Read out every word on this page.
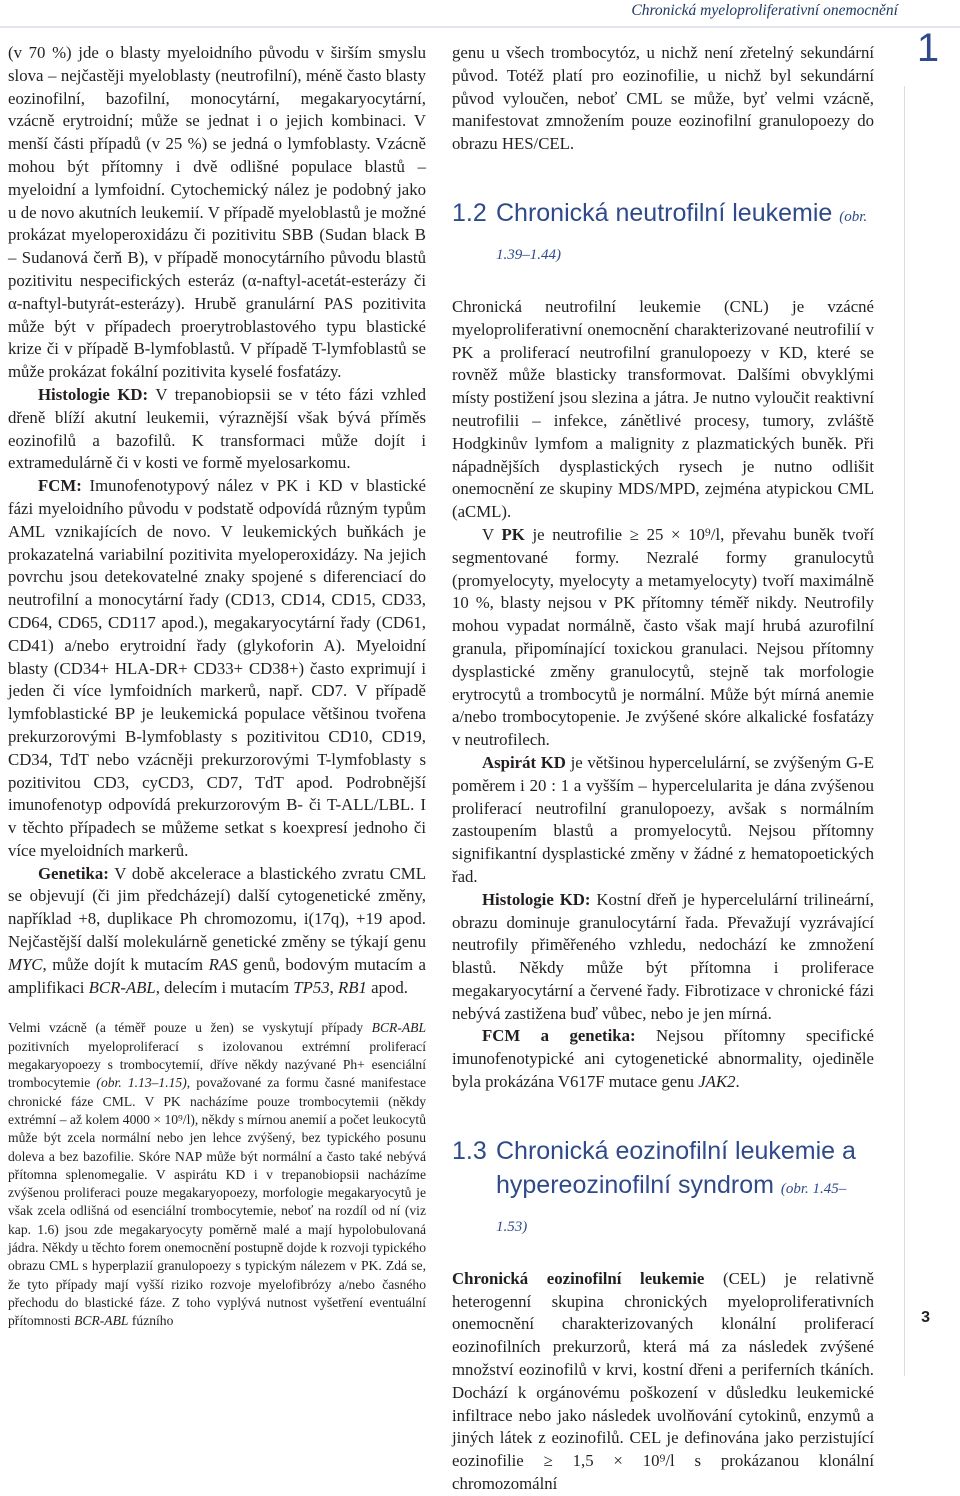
Chronická myeloproliferativní onemocnění
1

(v 70 %) jde o blasty myeloidního původu v širším smyslu slova – nejčastěji myeloblasty (neutrofilní), méně často blasty eozinofilní, bazofilní, monocytární, megakaryocytární, vzácně erytroidní; může se jednat i o jejich kombinaci. V menší části případů (v 25 %) se jedná o lymfoblasty. Vzácně mohou být přítomny i dvě odlišné populace blastů – myeloidní a lymfoidní. Cytochemický nález je podobný jako u de novo akutních leukemií. V případě myeloblastů je možné prokázat myeloperoxidázu či pozitivitu SBB (Sudan black B – Sudanová čerň B), v případě monocytárního původu blastů pozitivitu nespecifických esteráz (α-naftyl-acetát-esterázy či α-naftyl-butyrát-esterázy). Hrubě granulární PAS pozitivita může být v případech proerytroblastového typu blastické krize či v případě B-lymfoblastů. V případě T-lymfoblastů se může prokázat fokální pozitivita kyselé fosfatázy.

Histologie KD: V trepanobiopsii se v této fázi vzhled dřeně blíží akutní leukemii, výraznější však bývá příměs eozinofilů a bazofilů. K transformaci může dojít i extramedulárně či v kosti ve formě myelosarkomu.

FCM: Imunofenotypový nález v PK i KD v blastické fázi myeloidního původu v podstatě odpovídá různým typům AML vznikajících de novo. V leukemických buňkách je prokazatelná variabilní pozitivita myeloperoxidázy. Na jejich povrchu jsou detekovatelné znaky spojené s diferenciací do neutrofilní a monocytární řady (CD13, CD14, CD15, CD33, CD64, CD65, CD117 apod.), megakaryocytární řady (CD61, CD41) a/nebo erytroidní řady (glykoforin A). Myeloidní blasty (CD34+ HLA-DR+ CD33+ CD38+) často exprimují i jeden či více lymfoidních markerů, např. CD7. V případě lymfoblastické BP je leukemická populace většinou tvořena prekurzorovými B-lymfoblasty s pozitivitou CD10, CD19, CD34, TdT nebo vzácněji prekurzorovými T-lymfoblasty s pozitivitou CD3, cyCD3, CD7, TdT apod. Podrobnější imunofenotyp odpovídá prekurzorovým B- či T-ALL/LBL. I v těchto případech se můžeme setkat s koexpresí jednoho či více myeloidních markerů.

Genetika: V době akcelerace a blastického zvratu CML se objevují (či jim předcházejí) další cytogenetické změny, například +8, duplikace Ph chromozomu, i(17q), +19 apod. Nejčastější další molekulárně genetické změny se týkají genu MYC, může dojít k mutacím RAS genů, bodovým mutacím a amplifikaci BCR-ABL, delecím i mutacím TP53, RB1 apod.

Velmi vzácně (a téměř pouze u žen) se vyskytují případy BCR-ABL pozitivních myeloproliferací s izolovanou extrémní proliferací megakaryopoezy s trombocytemií, dříve někdy nazývané Ph+ esenciální trombocytemie (obr. 1.13–1.15), považované za formu časné manifestace chronické fáze CML. V PK nacházíme pouze trombocytemii (někdy extrémní – až kolem 4000 × 10⁹/l), někdy s mírnou anemií a počet leukocytů může být zcela normální nebo jen lehce zvýšený, bez typického posunu doleva a bez bazofilie. Skóre NAP může být normální a často také nebývá přítomna splenomegalie. V aspirátu KD i v trepanobiopsii nacházíme zvýšenou proliferaci pouze megakaryopoezy, morfologie megakaryocytů je však zcela odlišná od esenciální trombocytemie, neboť na rozdíl od ní (viz kap. 1.6) jsou zde megakaryocyty poměrně malé a mají hypolobulovaná jádra. Někdy u těchto forem onemocnění postupně dojde k rozvoji typického obrazu CML s hyperplazií granulopoezy s typickým nálezem v PK. Zdá se, že tyto případy mají vyšší riziko rozvoje myelofibrózy a/nebo časného přechodu do blastické fáze. Z toho vyplývá nutnost vyšetření eventuální přítomnosti BCR-ABL fúzního

genu u všech trombocytóz, u nichž není zřetelný sekundární původ. Totéž platí pro eozinofilie, u nichž byl sekundární původ vyloučen, neboť CML se může, byť velmi vzácně, manifestovat zmnožením pouze eozinofilní granulopoezy do obrazu HES/CEL.

1.2 Chronická neutrofilní leukemie (obr. 1.39–1.44)

Chronická neutrofilní leukemie (CNL) je vzácné myeloproliferativní onemocnění charakterizované neutrofilií v PK a proliferací neutrofilní granulopoezy v KD, které se rovněž může blasticky transformovat. Dalšími obvyklými místy postižení jsou slezina a játra. Je nutno vyloučit reaktivní neutrofilii – infekce, zánětlivé procesy, tumory, zvláště Hodgkinův lymfom a malignity z plazmatických buněk. Při nápadnějších dysplastických rysech je nutno odlišit onemocnění ze skupiny MDS/MPD, zejména atypickou CML (aCML).

V PK je neutrofilie ≥ 25 × 10⁹/l, převahu buněk tvoří segmentované formy. Nezralé formy granulocytů (promyelocyty, myelocyty a metamyelocyty) tvoří maximálně 10 %, blasty nejsou v PK přítomny téměř nikdy. Neutrofily mohou vypadat normálně, často však mají hrubá azurofilní granula, připomínající toxickou granulaci. Nejsou přítomny dysplastické změny granulocytů, stejně tak morfologie erytrocytů a trombocytů je normální. Může být mírná anemie a/nebo trombocytopenie. Je zvýšené skóre alkalické fosfatázy v neutrofilech.

Aspirát KD je většinou hypercelulární, se zvýšeným G-E poměrem i 20 : 1 a vyšším – hypercelularita je dána zvýšenou proliferací neutrofilní granulopoezy, avšak s normálním zastoupením blastů a promyelocytů. Nejsou přítomny signifikantní dysplastické změny v žádné z hematopoetických řad.

Histologie KD: Kostní dřeň je hypercelulární trilineární, obrazu dominuje granulocytární řada. Převažují vyzrávající neutrofily přiměřeného vzhledu, nedochází ke zmnožení blastů. Někdy může být přítomna i proliferace megakaryocytární a červené řady. Fibrotizace v chronické fázi nebývá zastižena buď vůbec, nebo je jen mírná.

FCM a genetika: Nejsou přítomny specifické imunofenotypické ani cytogenetické abnormality, ojediněle byla prokázána V617F mutace genu JAK2.

1.3 Chronická eozinofilní leukemie a hypereozinofilní syndrom (obr. 1.45–1.53)

Chronická eozinofilní leukemie (CEL) je relativně heterogenní skupina chronických myeloproliferativních onemocnění charakterizovaných klonální proliferací eozinofilních prekurzorů, která má za následek zvýšené množství eozinofilů v krvi, kostní dřeni a periferních tkáních. Dochází k orgánovému poškození v důsledku leukemické infiltrace nebo jako následek uvolňování cytokinů, enzymů a jiných látek z eozinofilů. CEL je definována jako perzistující eozinofilie ≥ 1,5 × 10⁹/l s prokázanou klonální chromozomální

3
